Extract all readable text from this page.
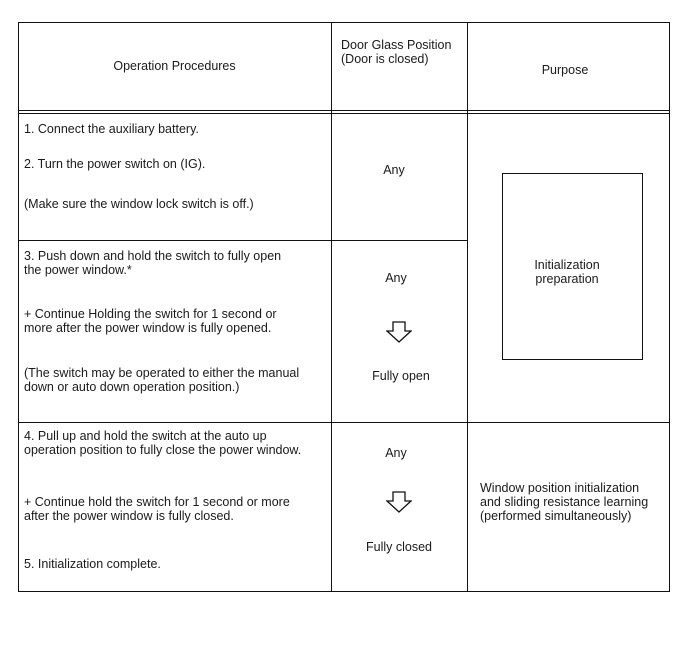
Operation Procedures
Door Glass Position
(Door is closed)
Purpose
1. Connect the auxiliary battery.
2. Turn the power switch on (IG).
(Make sure the window lock switch is off.)
Any
3. Push down and hold the switch to fully open
the power window.*
+ Continue Holding the switch for 1 second or
more after the power window is fully opened.
(The switch may be operated to either the manual
down or auto down operation position.)
Any
Fully open
Initialization
preparation
4. Pull up and hold the switch at the auto up
operation position to fully close the power window.
+ Continue hold the switch for 1 second or more
after the power window is fully closed.
5. Initialization complete.
Any
Fully closed
Window position initialization
and sliding resistance learning
(performed simultaneously)
